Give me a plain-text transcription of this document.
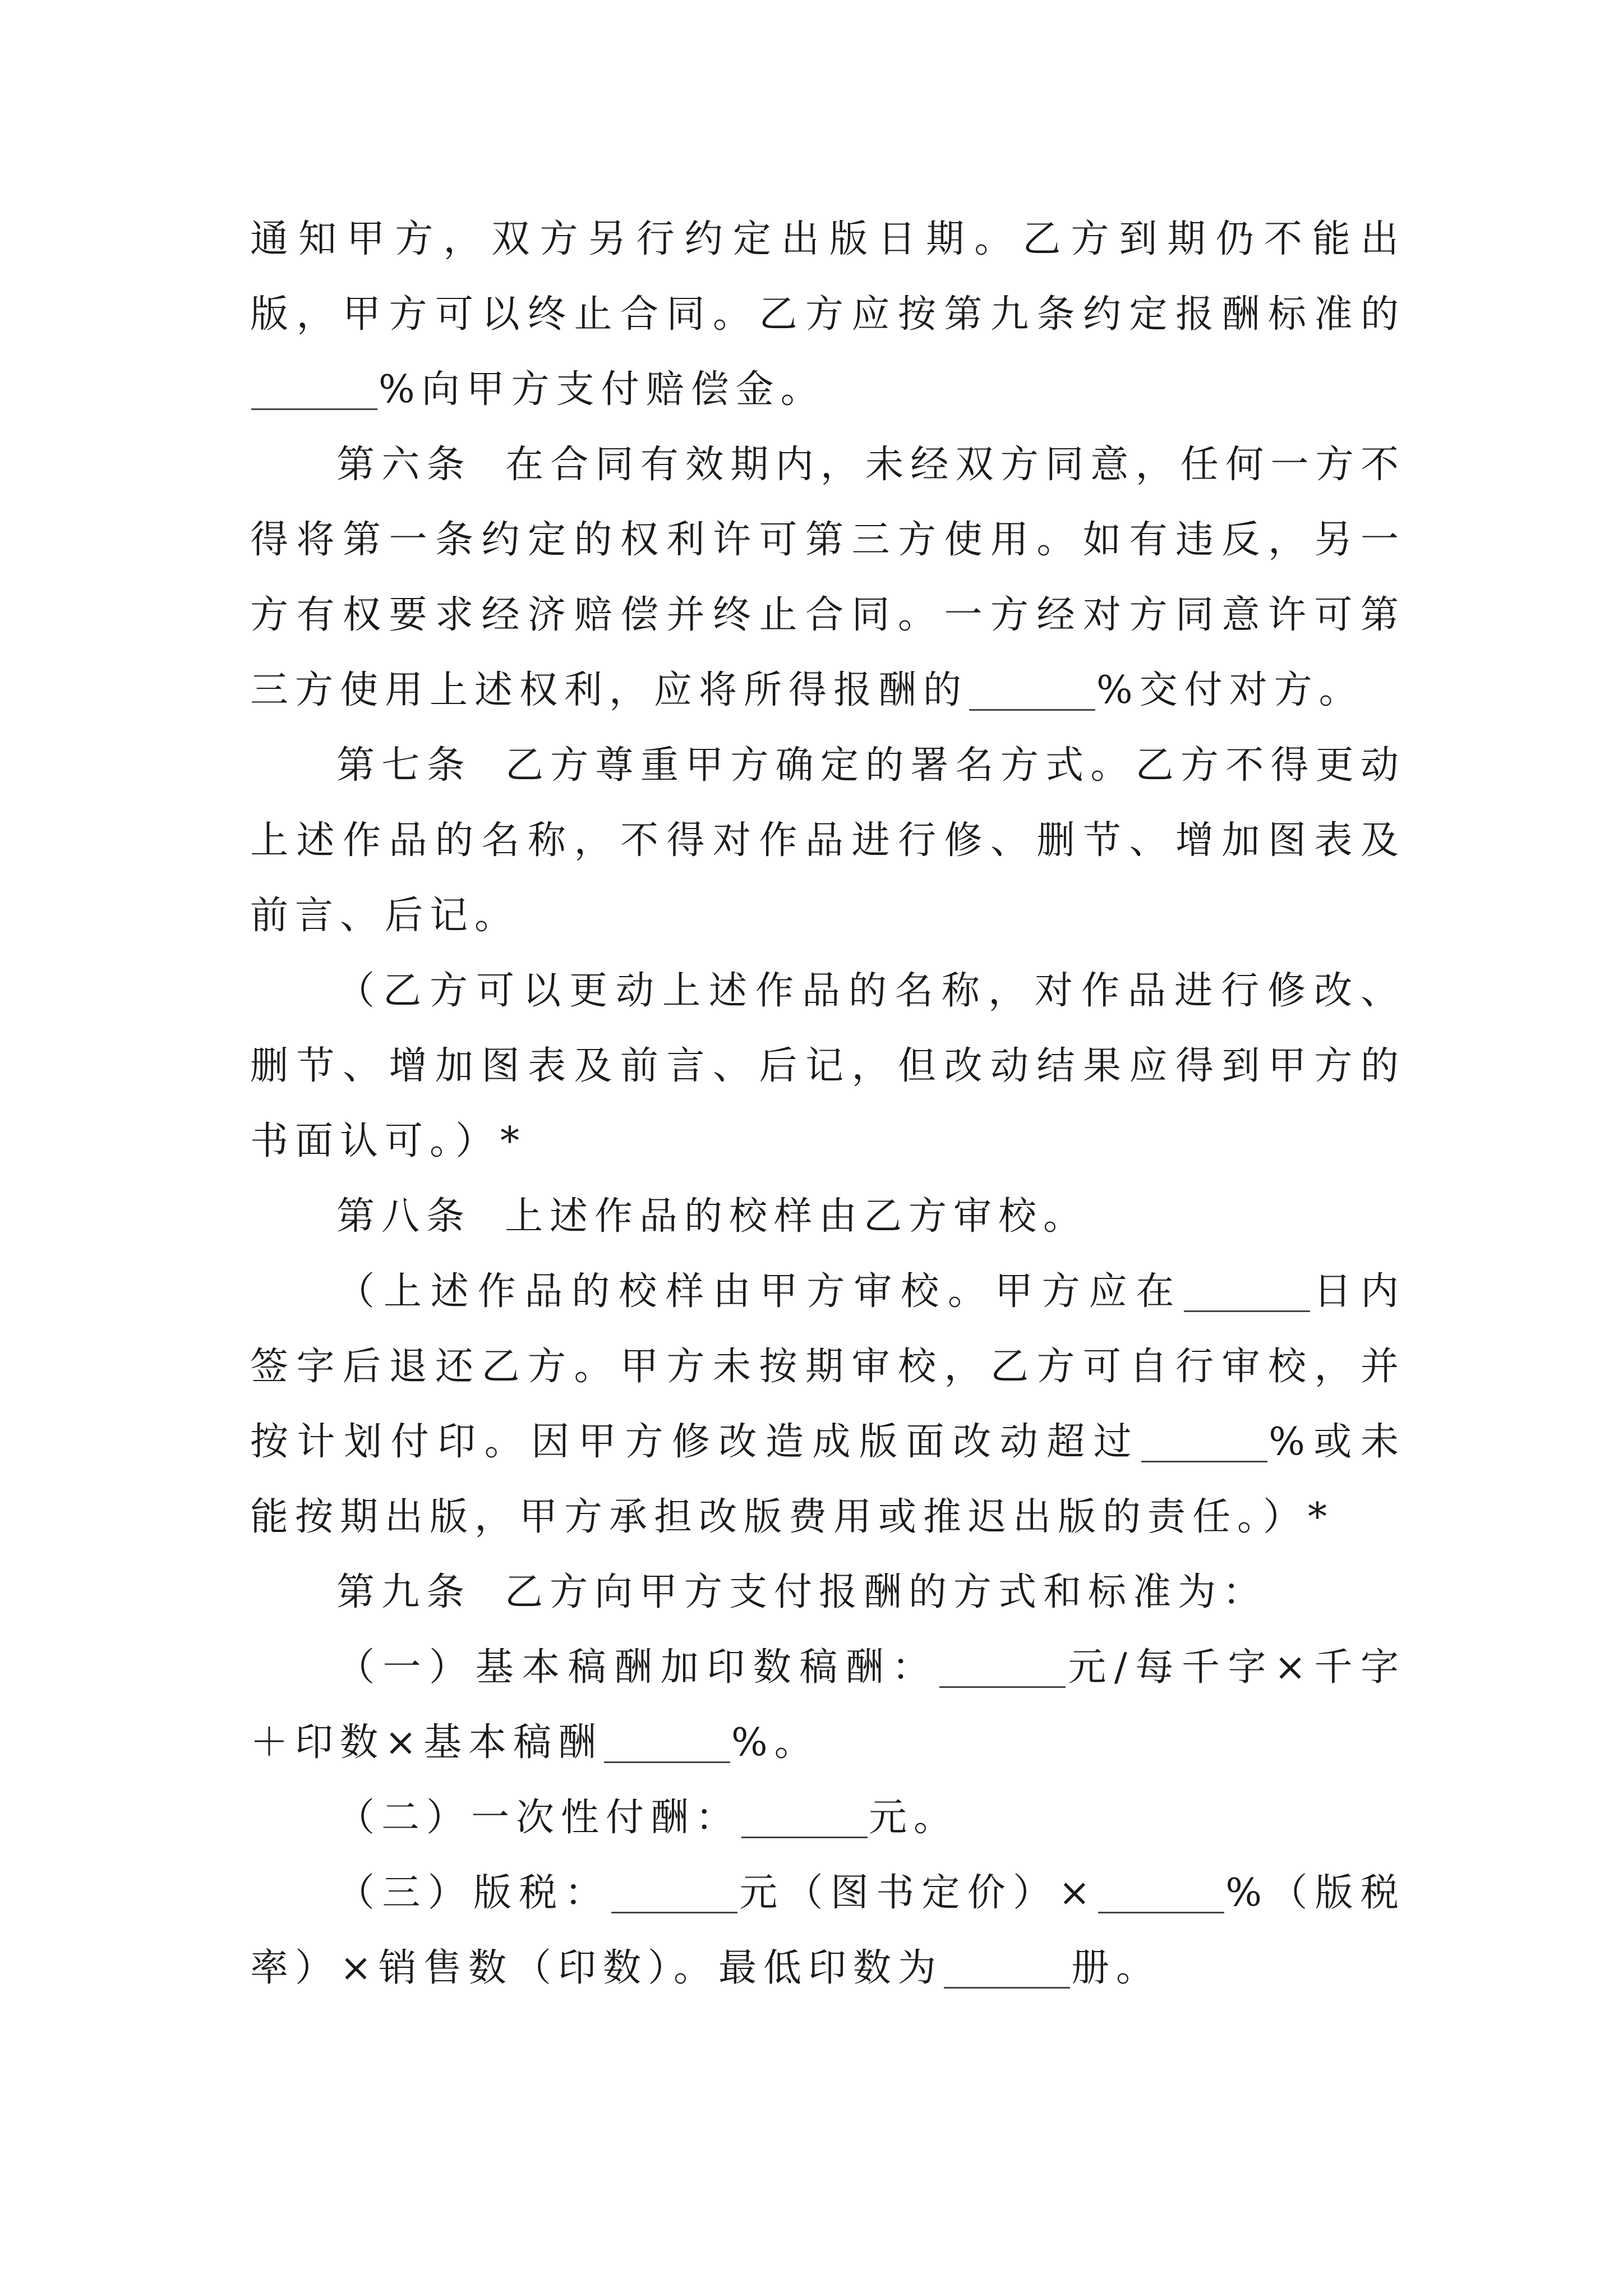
通知甲方，双方另行约定出版日期。乙方到期仍不能出版，甲方可以终止合同。乙方应按第九条约定报酬标准的%向甲方支付赔偿金。

第六条 在合同有效期内，未经双方同意，任何一方不得将第一条约定的权利许可第三方使用。如有违反，另一方有权要求经济赔偿并终止合同。一方经对方同意许可第三方使用上述权利，应将所得报酬的	%交付对方。

第七条 乙方尊重甲方确定的署名方式。乙方不得更动上述作品的名称，不得对作品进行修、删节、增加图表及前言、后记。

（乙方可以更动上述作品的名称，对作品进行修改、删节、增加图表及前言、后记，但改动结果应得到甲方的书面认可。）*

第八条 上述作品的校样由乙方审校。

（上述作品的校样由甲方审校。甲方应在	日内签字后退还乙方。甲方未按期审校，乙方可自行审校，并按计划付印。因甲方修改造成版面改动超过	%或未能按期出版，甲方承担改版费用或推迟出版的责任。）*

第九条 乙方向甲方支付报酬的方式和标准为：

（一）基本稿酬加印数稿酬：	元/每千字×千字＋印数×基本稿酬	%。

（二）一次性付酬：	元。

（三）版税：	元（图书定价）×	%（版税率）×销售数（印数）。最低印数为	册。
